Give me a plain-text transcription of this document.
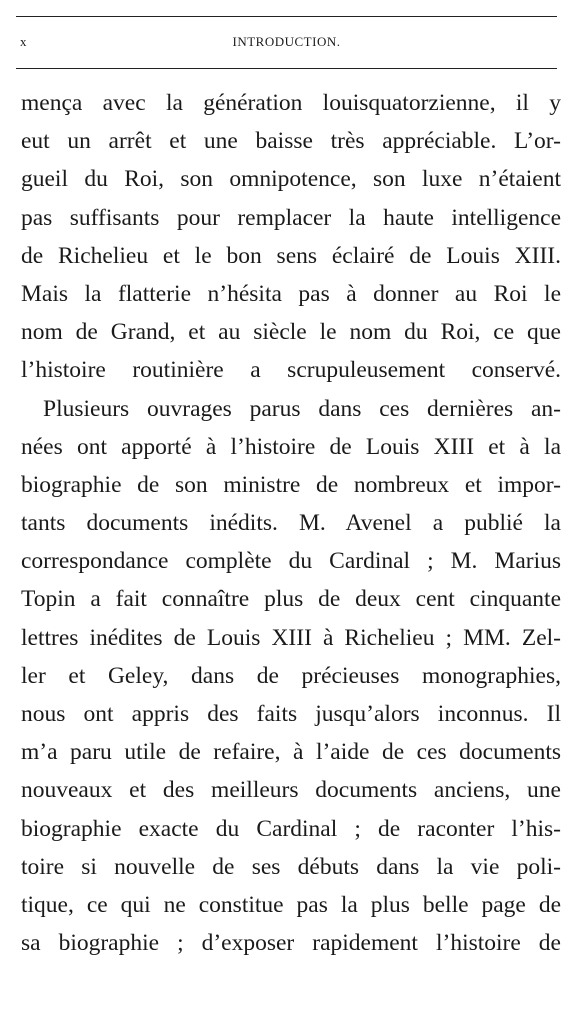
x	INTRODUCTION.
mença avec la génération louisquatorzienne, il y
eut un arrêt et une baisse très appréciable. L’or-
gueil du Roi, son omnipotence, son luxe n’étaient
pas suffisants pour remplacer la haute intelligence
de Richelieu et le bon sens éclairé de Louis XIII.
Mais la flatterie n’hésita pas à donner au Roi le
nom de Grand, et au siècle le nom du Roi, ce que
l’histoire routinière a scrupuleusement conservé.
Plusieurs ouvrages parus dans ces dernières an-
nées ont apporté à l’histoire de Louis XIII et à la
biographie de son ministre de nombreux et impor-
tants documents inédits. M. Avenel a publié la
correspondance complète du Cardinal ; M. Marius
Topin a fait connaître plus de deux cent cinquante
lettres inédites de Louis XIII à Richelieu ; MM. Zel-
ler et Geley, dans de précieuses monographies,
nous ont appris des faits jusqu’alors inconnus. Il
m’a paru utile de refaire, à l’aide de ces documents
nouveaux et des meilleurs documents anciens, une
biographie exacte du Cardinal ; de raconter l’his-
toire si nouvelle de ses débuts dans la vie poli-
tique, ce qui ne constitue pas la plus belle page de
sa biographie ; d’exposer rapidement l’histoire de
